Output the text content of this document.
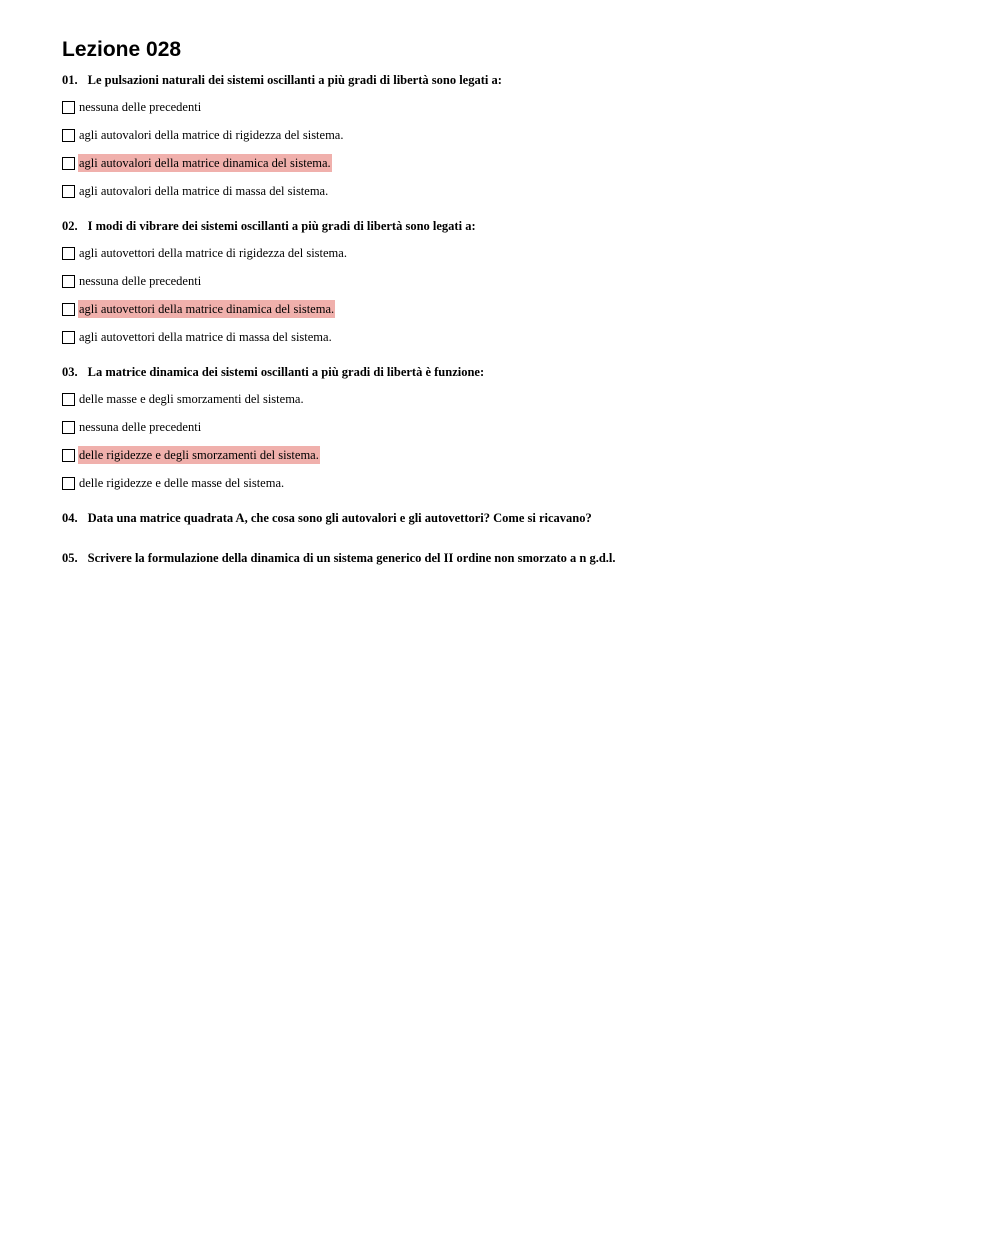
Lezione 028
01. Le pulsazioni naturali dei sistemi oscillanti a più gradi di libertà sono legati a:
nessuna delle precedenti
agli autovalori della matrice di rigidezza del sistema.
agli autovalori della matrice dinamica del sistema.
agli autovalori della matrice di massa del sistema.
02. I modi di vibrare dei sistemi oscillanti a più gradi di libertà sono legati a:
agli autovettori della matrice di rigidezza del sistema.
nessuna delle precedenti
agli autovettori della matrice dinamica del sistema.
agli autovettori della matrice di massa del sistema.
03. La matrice dinamica dei sistemi oscillanti a più gradi di libertà è funzione:
delle masse e degli smorzamenti del sistema.
nessuna delle precedenti
delle rigidezze e degli smorzamenti del sistema.
delle rigidezze e delle masse del sistema.
04. Data una matrice quadrata A, che cosa sono gli autovalori e gli autovettori? Come si ricavano?
05. Scrivere la formulazione della dinamica di un sistema generico del II ordine non smorzato a n g.d.l.
